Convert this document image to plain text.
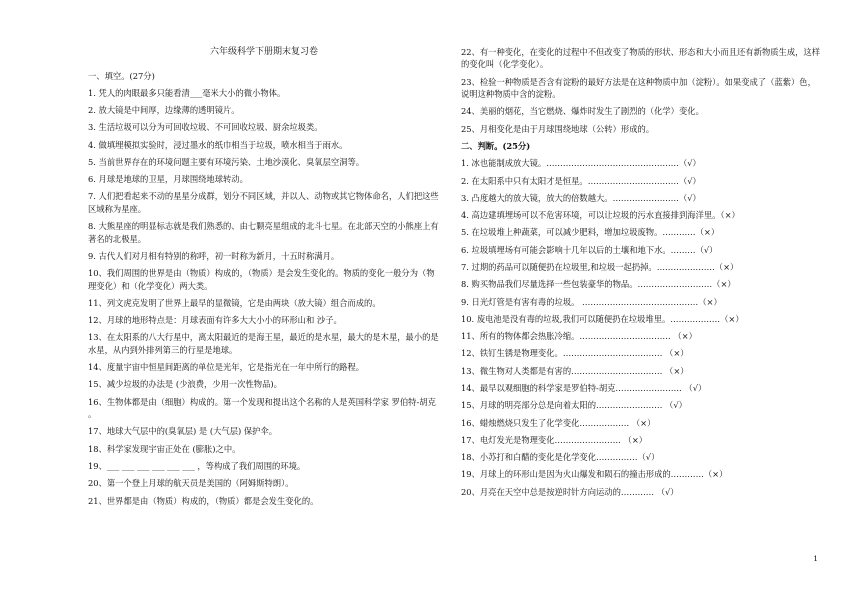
六年级科学下册期末复习卷
一、填空。(27分)
1. 凭人的肉眼最多只能看清___毫米大小的微小物体。
2. 放大镜是中间厚，边缘薄的透明镜片。
3. 生活垃圾可以分为可回收垃圾、不可回收垃圾、厨余垃圾类。
4. 做填埋模拟实验时，浸过墨水的纸巾相当于垃圾，喷水相当于雨水。
5. 当前世界存在的环境问题主要有环境污染、土地沙漠化、臭氧层空洞等。
6. 月球是地球的卫星，月球围绕地球转动。
7. 人们把看起来不动的星星分成群，划分不同区域，并以人、动物或其它物体命名，人们把这些区域称为星座。
8. 大熊星座的明显标志就是我们熟悉的、由七颗亮星组成的北斗七星。在北部天空的小熊座上有著名的北极星。
9. 古代人们对月相有特别的称呼，初一时称为新月，十五时称满月。
10、我们周围的世界是由（物质）构成的，（物质）是会发生变化的。物质的变化一般分为（物理变化）和（化学变化）两大类。
11、列文虎克发明了世界上最早的显微镜，它是由两块（放大镜）组合而成的。
12、月球的地形特点是：月球表面有许多大大小小的环形山和 沙子。
13、在太阳系的八大行星中，离太阳最近的是海王星，最近的是水星，最大的是木星，最小的是水星，从内到外排列第三的行星是地球。
14、度量宇宙中恒星间距离的单位是光年，它是指光在一年中所行的路程。
15、减少垃圾的办法是 (少浪费，少用一次性物品)。
16、生物体都是由（细胞）构成的。第一个发现和提出这个名称的人是英国科学家 罗伯特-胡克 。
17、地球大气层中的(臭氧层) 是 (大气层) 保护伞。
18、科学家发现宇宙正处在 (膨胀)之中。
19、___ ___ ___ ___ ___ ___ ，等构成了我们周围的环境。
20、第一个登上月球的航天员是美国的（阿姆斯特朗）。
21、世界都是由（物质）构成的，（物质）都是会发生变化的。
22、有一种变化，在变化的过程中不但改变了物质的形状、形态和大小而且还有新物质生成，这样的变化叫（化学变化）。
23、检验一种物质是否含有淀粉的最好方法是在这种物质中加（淀粉）。如果变成了（蓝紫）色，说明这种物质中含的淀粉。
24、美丽的烟花，当它燃烧、爆炸时发生了剧烈的（化学）变化。
25、月相变化是由于月球围绕地球（公转）形成的。
二、判断。(25分)
1. 冰也能制成放大镜。…………………………………………（√）
2. 在太阳系中只有太阳才是恒星。……………………………（√）
3. 凸度越大的放大镜，放大的倍数越大。……………………（√）
4. 高边建填埋场可以不危害环境，可以让垃圾的污水直接排到海洋里。（×）
5. 在垃圾堆上种蔬菜，可以减少肥料，增加垃圾废物。…………（×）
6. 垃圾填埋场有可能会影响十几年以后的土壤和地下水。………（√）
7. 过期的药品可以随便扔在垃圾里,和垃圾一起扔掉。…………………（×）
8. 购买物品我们尽量选择一些包装豪华的物品。………………………（×）
9. 日光灯管是有害有毒的垃圾。 ……………………………………（×）
10. 废电池是没有毒的垃圾,我们可以随便扔在垃圾堆里。………………（×）
11、所有的物体都会热胀冷缩。…………………………… （×）
12、铁钉生锈是物理变化。……………………………… （×）
13、微生物对人类都是有害的…………………………… （×）
14、最早以观细胞的科学家是罗伯特-胡克…………………… （√）
15、月球的明亮部分总是向着太阳的…………………… （√）
16、蜡烛燃烧只发生了化学变化……………… （×）
17、电灯发光是物理变化…………………… （×）
18、小苏打和白醋的变化是化学变化……………（√）
19、月球上的环形山是因为火山爆发和陨石的撞击形成的…………（×）
20、月亮在天空中总是按逆时针方向运动的………… （√）
1
